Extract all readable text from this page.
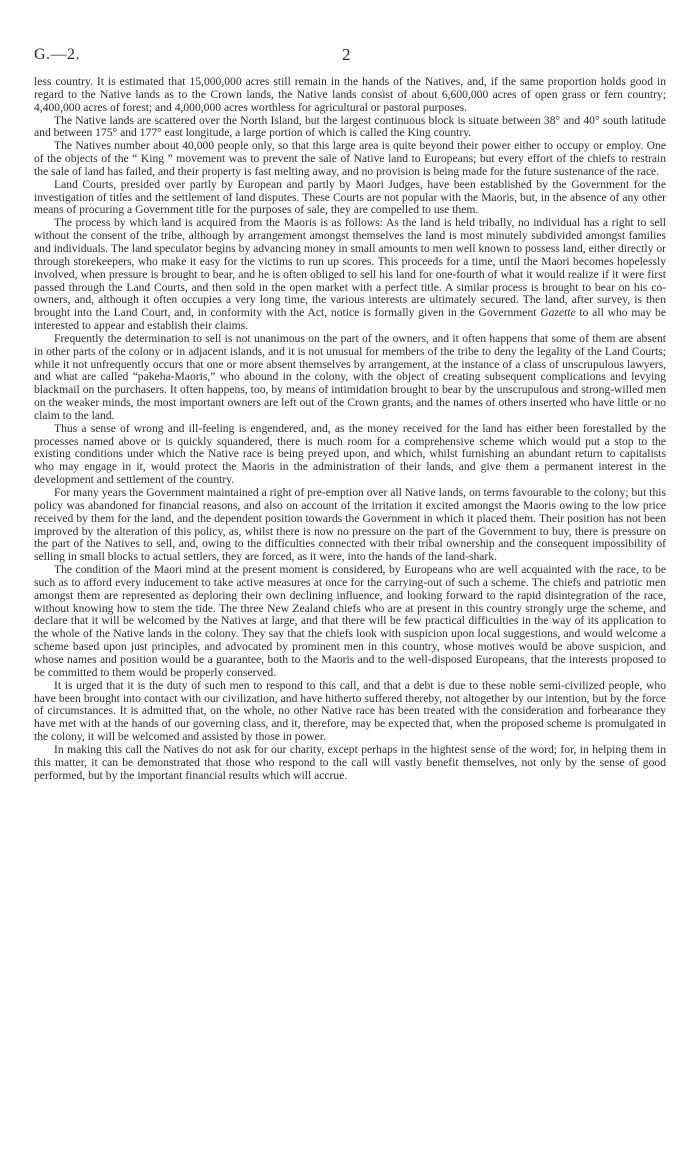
G.—2.	2

less country. It is estimated that 15,000,000 acres still remain in the hands of the Natives, and, if the same proportion holds good in regard to the Native lands as to the Crown lands, the Native lands consist of about 6,600,000 acres of open grass or fern country; 4,400,000 acres of forest; and 4,000,000 acres worthless for agricultural or pastoral purposes.

The Native lands are scattered over the North Island, but the largest continuous block is situate between 38° and 40° south latitude and between 175° and 177° east longitude, a large portion of which is called the King country.

The Natives number about 40,000 people only, so that this large area is quite beyond their power either to occupy or employ. One of the objects of the “ King ” movement was to prevent the sale of Native land to Europeans; but every effort of the chiefs to restrain the sale of land has failed, and their property is fast melting away, and no provision is being made for the future sustenance of the race.

Land Courts, presided over partly by European and partly by Maori Judges, have been established by the Government for the investigation of titles and the settlement of land disputes. These Courts are not popular with the Maoris, but, in the absence of any other means of procuring a Government title for the purposes of sale, they are compelled to use them.

The process by which land is acquired from the Maoris is as follows: As the land is held tribally, no individual has a right to sell without the consent of the tribe, although by arrangement amongst themselves the land is most minutely subdivided amongst families and individuals. The land speculator begins by advancing money in small amounts to men well known to possess land, either directly or through storekeepers, who make it easy for the victims to run up scores. This proceeds for a time, until the Maori becomes hopelessly involved, when pressure is brought to bear, and he is often obliged to sell his land for one-fourth of what it would realize if it were first passed through the Land Courts, and then sold in the open market with a perfect title. A similar process is brought to bear on his co-owners, and, although it often occupies a very long time, the various interests are ultimately secured. The land, after survey, is then brought into the Land Court, and, in conformity with the Act, notice is formally given in the Government Gazette to all who may be interested to appear and establish their claims.

Frequently the determination to sell is not unanimous on the part of the owners, and it often happens that some of them are absent in other parts of the colony or in adjacent islands, and it is not unusual for members of the tribe to deny the legality of the Land Courts; while it not unfrequently occurs that one or more absent themselves by arrangement, at the instance of a class of unscrupulous lawyers, and what are called “pakeha-Maoris,” who abound in the colony, with the object of creating subsequent complications and levying blackmail on the purchasers. It often happens, too, by means of intimidation brought to bear by the unscrupulous and strong-willed men on the weaker minds, the most important owners are left out of the Crown grants, and the names of others inserted who have little or no claim to the land.

Thus a sense of wrong and ill-feeling is engendered, and, as the money received for the land has either been forestalled by the processes named above or is quickly squandered, there is much room for a comprehensive scheme which would put a stop to the existing conditions under which the Native race is being preyed upon, and which, whilst furnishing an abundant return to capitalists who may engage in it, would protect the Maoris in the administration of their lands, and give them a permanent interest in the development and settlement of the country.

For many years the Government maintained a right of pre-emption over all Native lands, on terms favourable to the colony; but this policy was abandoned for financial reasons, and also on account of the irritation it excited amongst the Maoris owing to the low price received by them for the land, and the dependent position towards the Government in which it placed them. Their position has not been improved by the alteration of this policy, as, whilst there is now no pressure on the part of the Government to buy, there is pressure on the part of the Natives to sell, and, owing to the difficulties connected with their tribal ownership and the consequent impossibility of selling in small blocks to actual settlers, they are forced, as it were, into the hands of the land-shark.

The condition of the Maori mind at the present moment is considered, by Europeans who are well acquainted with the race, to be such as to afford every inducement to take active measures at once for the carrying-out of such a scheme. The chiefs and patriotic men amongst them are represented as deploring their own declining influence, and looking forward to the rapid disintegration of the race, without knowing how to stem the tide. The three New Zealand chiefs who are at present in this country strongly urge the scheme, and declare that it will be welcomed by the Natives at large, and that there will be few practical difficulties in the way of its application to the whole of the Native lands in the colony. They say that the chiefs look with suspicion upon local suggestions, and would welcome a scheme based upon just principles, and advocated by prominent men in this country, whose motives would be above suspicion, and whose names and position would be a guarantee, both to the Maoris and to the well-disposed Europeans, that the interests proposed to be committed to them would be properly conserved.

It is urged that it is the duty of such men to respond to this call, and that a debt is due to these noble semi-civilized people, who have been brought into contact with our civilization, and have hitherto suffered thereby, not altogether by our intention, but by the force of circumstances. It is admitted that, on the whole, no other Native race has been treated with the consideration and forbearance they have met with at the hands of our governing class, and it, therefore, may be expected that, when the proposed scheme is promulgated in the colony, it will be welcomed and assisted by those in power.

In making this call the Natives do not ask for our charity, except perhaps in the hightest sense of the word; for, in helping them in this matter, it can be demonstrated that those who respond to the call will vastly benefit themselves, not only by the sense of good performed, but by the important financial results which will accrue.
